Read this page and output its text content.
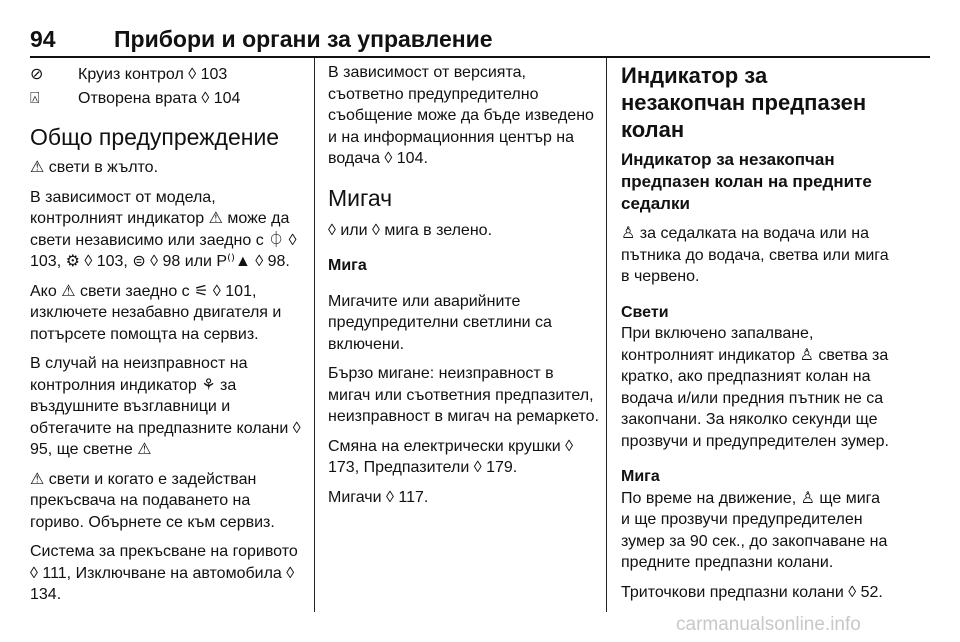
94	Прибори и органи за управление
⊘	Круиз контрол ◊ 103
⍓	Отворена врата ◊ 104
Общо предупреждение

⚠ свети в жълто.

В зависимост от модела, контролният индикатор ⚠ може да свети независимо или заедно с ⏀ ◊ 103, ⚙ ◊ 103, ⊜ ◊ 98 или P⁽⁾▲ ◊ 98.

Ако ⚠ свети заедно с ⚟ ◊ 101, изключете незабавно двигателя и потърсете помощта на сервиз.

В случай на неизправност на контролния индикатор ⚘ за въздушните възглавници и обтегачите на предпазните колани ◊ 95, ще светне ⚠

⚠ свети и когато е задействан прекъсвача на подаването на гориво. Обърнете се към сервиз.

Система за прекъсване на горивото ◊ 111, Изключване на автомобила ◊ 134.

В зависимост от версията, съответно предупредително съобщение може да бъде изведено и на информационния център на водача ◊ 104.

Мигач

◊ или ◊ мига в зелено.

Мига

Мигачите или аварийните предупредителни светлини са включени.

Бързо мигане: неизправност в мигач или съответния предпазител, неизправност в мигач на ремаркето.

Смяна на електрически крушки ◊ 173, Предпазители ◊ 179.

Мигачи ◊ 117.

Индикатор за незакопчан предпазен колан
Индикатор за незакопчан предпазен колан на предните седалки

♙ за седалката на водача или на пътника до водача, светва или мига в червено.

Свети

При включено запалване, контролният индикатор ♙ светва за кратко, ако предпазният колан на водача и/или предния пътник не са закопчани. За няколко секунди ще прозвучи и предупредителен зумер.

Мига

По време на движение, ♙ ще мига и ще прозвучи предупредителен зумер за 90 сек., до закопчаване на предните предпазни колани.

Триточкови предпазни колани ◊ 52.

carmanualsonline.info
